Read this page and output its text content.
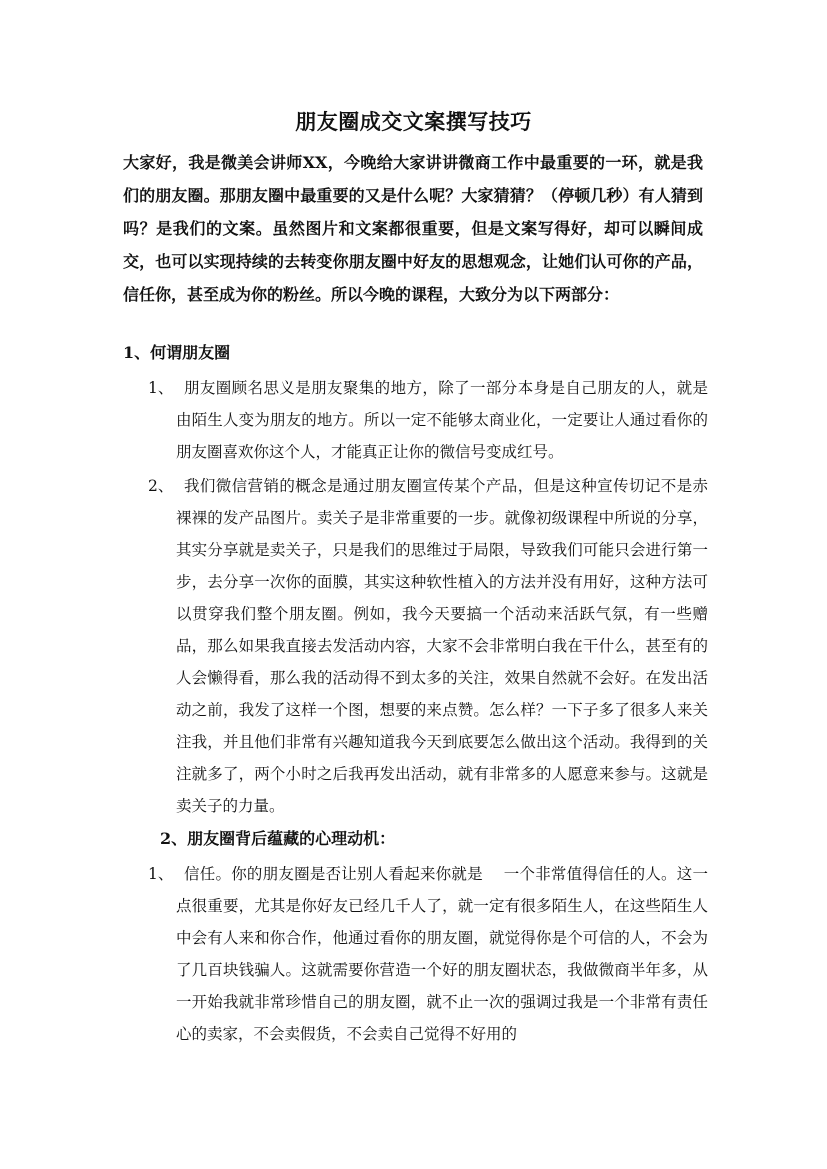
朋友圈成交文案撰写技巧
大家好，我是微美会讲师XX，今晚给大家讲讲微商工作中最重要的一环，就是我们的朋友圈。那朋友圈中最重要的又是什么呢？大家猜猜？（停顿几秒）有人猜到吗？是我们的文案。虽然图片和文案都很重要，但是文案写得好，却可以瞬间成交，也可以实现持续的去转变你朋友圈中好友的思想观念，让她们认可你的产品，信任你，甚至成为你的粉丝。所以今晚的课程，大致分为以下两部分：
1、何谓朋友圈
1、 朋友圈顾名思义是朋友聚集的地方，除了一部分本身是自己朋友的人，就是由陌生人变为朋友的地方。所以一定不能够太商业化，一定要让人通过看你的朋友圈喜欢你这个人，才能真正让你的微信号变成红号。
2、 我们微信营销的概念是通过朋友圈宣传某个产品，但是这种宣传切记不是赤裸裸的发产品图片。卖关子是非常重要的一步。就像初级课程中所说的分享，其实分享就是卖关子，只是我们的思维过于局限，导致我们可能只会进行第一步，去分享一次你的面膜，其实这种软性植入的方法并没有用好，这种方法可以贯穿我们整个朋友圈。例如，我今天要搞一个活动来活跃气氛，有一些赠品，那么如果我直接去发活动内容，大家不会非常明白我在干什么，甚至有的人会懒得看，那么我的活动得不到太多的关注，效果自然就不会好。在发出活动之前，我发了这样一个图，想要的来点赞。怎么样？一下子多了很多人来关注我，并且他们非常有兴趣知道我今天到底要怎么做出这个活动。我得到的关注就多了，两个小时之后我再发出活动，就有非常多的人愿意来参与。这就是卖关子的力量。
2、朋友圈背后蕴藏的心理动机：
1、 信任。你的朋友圈是否让别人看起来你就是　 一个非常值得信任的人。这一点很重要，尤其是你好友已经几千人了，就一定有很多陌生人，在这些陌生人中会有人来和你合作，他通过看你的朋友圈，就觉得你是个可信的人，不会为了几百块钱骗人。这就需要你营造一个好的朋友圈状态，我做微商半年多，从一开始我就非常珍惜自己的朋友圈，就不止一次的强调过我是一个非常有责任心的卖家，不会卖假货，不会卖自己觉得不好用的
